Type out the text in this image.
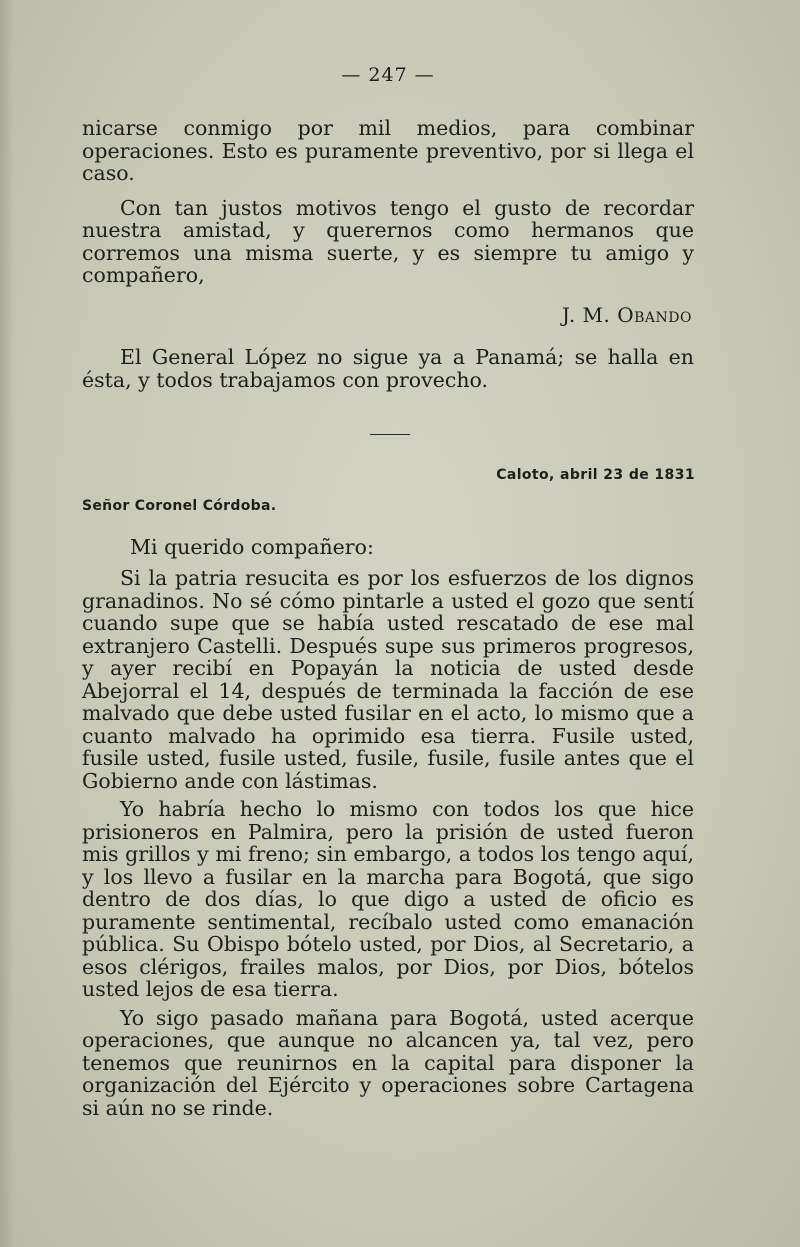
— 247 —

nicarse conmigo por mil medios, para combinar operaciones. Esto es puramente preventivo, por si llega el caso.

Con tan justos motivos tengo el gusto de recordar nuestra amistad, y querernos como hermanos que corremos una misma suerte, y es siempre tu amigo y compañero,

J. M. Obando

El General López no sigue ya a Panamá; se halla en ésta, y todos trabajamos con provecho.

Caloto, abril 23 de 1831
Señor Coronel Córdoba.
Mi querido compañero:

Si la patria resucita es por los esfuerzos de los dignos granadinos. No sé cómo pintarle a usted el gozo que sentí cuando supe que se había usted rescatado de ese mal extranjero Castelli. Después supe sus primeros progresos, y ayer recibí en Popayán la noticia de usted desde Abejorral el 14, después de terminada la facción de ese malvado que debe usted fusilar en el acto, lo mismo que a cuanto malvado ha oprimido esa tierra. Fusile usted, fusile usted, fusile usted, fusile, fusile, fusile antes que el Gobierno ande con lástimas.

Yo habría hecho lo mismo con todos los que hice prisioneros en Palmira, pero la prisión de usted fueron mis grillos y mi freno; sin embargo, a todos los tengo aquí, y los llevo a fusilar en la marcha para Bogotá, que sigo dentro de dos días, lo que digo a usted de oficio es puramente sentimental, recíbalo usted como emanación pública. Su Obispo bótelo usted, por Dios, al Secretario, a esos clérigos, frailes malos, por Dios, por Dios, bótelos usted lejos de esa tierra.

Yo sigo pasado mañana para Bogotá, usted acerque operaciones, que aunque no alcancen ya, tal vez, pero tenemos que reunirnos en la capital para disponer la organización del Ejército y operaciones sobre Cartagena si aún no se rinde.
